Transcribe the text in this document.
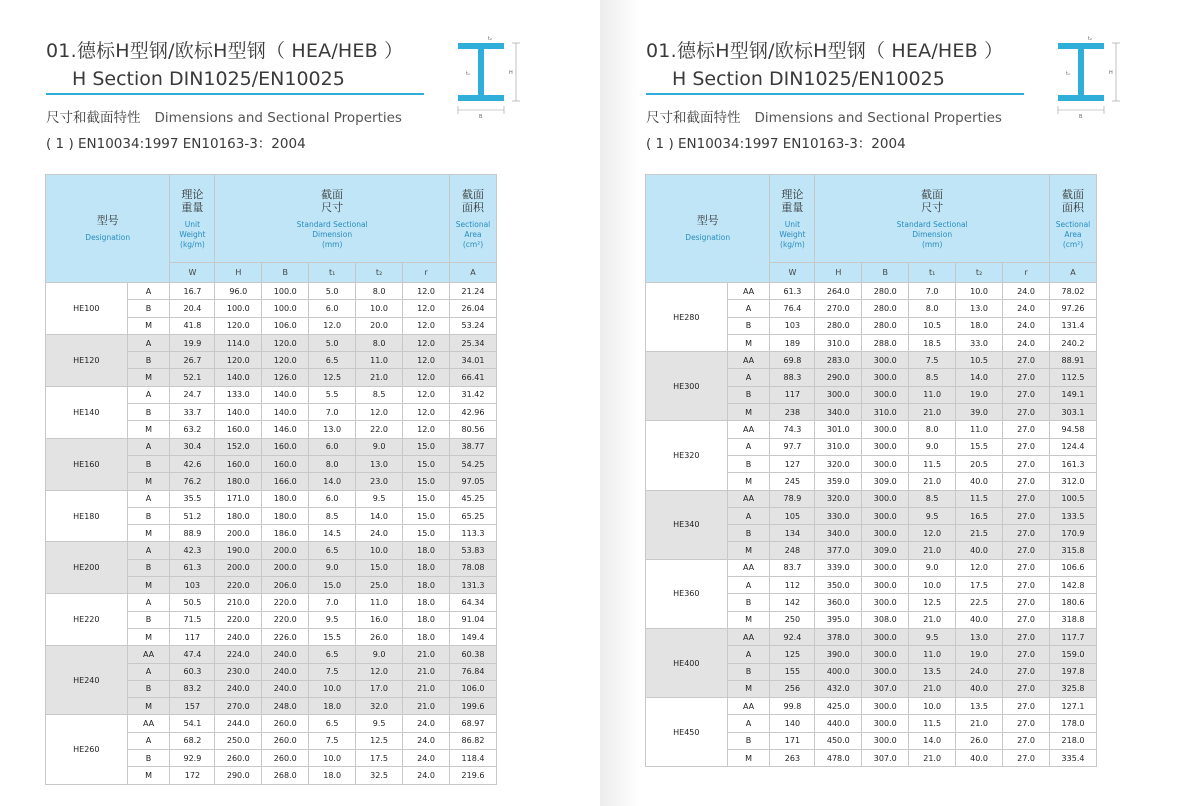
01.德标H型钢/欧标H型钢（ HEA/HEB ）
H Section DIN1025/EN10025
尺寸和截面特性 Dimensions and Sectional Properties
( 1 ) EN10034:1997 EN10163-3：2004
t₂
H
t₁
B
型号
Designation		理论
重量
Unit
Weight
(kg/m)	截面
尺寸
Standard Sectional
Dimension
(mm)					截面
面积
Sectional
Area
(cm²)

		W	H	B	t₁	t₂	r	A
HE100	A	16.7	96.0	100.0	5.0	8.0	12.0	21.24
	B	20.4	100.0	100.0	6.0	10.0	12.0	26.04
	M	41.8	120.0	106.0	12.0	20.0	12.0	53.24
HE120	A	19.9	114.0	120.0	5.0	8.0	12.0	25.34
	B	26.7	120.0	120.0	6.5	11.0	12.0	34.01
	M	52.1	140.0	126.0	12.5	21.0	12.0	66.41
HE140	A	24.7	133.0	140.0	5.5	8.5	12.0	31.42
	B	33.7	140.0	140.0	7.0	12.0	12.0	42.96
	M	63.2	160.0	146.0	13.0	22.0	12.0	80.56
HE160	A	30.4	152.0	160.0	6.0	9.0	15.0	38.77
	B	42.6	160.0	160.0	8.0	13.0	15.0	54.25
	M	76.2	180.0	166.0	14.0	23.0	15.0	97.05
HE180	A	35.5	171.0	180.0	6.0	9.5	15.0	45.25
	B	51.2	180.0	180.0	8.5	14.0	15.0	65.25
	M	88.9	200.0	186.0	14.5	24.0	15.0	113.3
HE200	A	42.3	190.0	200.0	6.5	10.0	18.0	53.83
	B	61.3	200.0	200.0	9.0	15.0	18.0	78.08
	M	103	220.0	206.0	15.0	25.0	18.0	131.3
HE220	A	50.5	210.0	220.0	7.0	11.0	18.0	64.34
	B	71.5	220.0	220.0	9.5	16.0	18.0	91.04
	M	117	240.0	226.0	15.5	26.0	18.0	149.4
HE240	AA	47.4	224.0	240.0	6.5	9.0	21.0	60.38
	A	60.3	230.0	240.0	7.5	12.0	21.0	76.84
	B	83.2	240.0	240.0	10.0	17.0	21.0	106.0
	M	157	270.0	248.0	18.0	32.0	21.0	199.6
HE260	AA	54.1	244.0	260.0	6.5	9.5	24.0	68.97
	A	68.2	250.0	260.0	7.5	12.5	24.0	86.82
	B	92.9	260.0	260.0	10.0	17.5	24.0	118.4
	M	172	290.0	268.0	18.0	32.5	24.0	219.6
01.德标H型钢/欧标H型钢（ HEA/HEB ）
H Section DIN1025/EN10025
尺寸和截面特性 Dimensions and Sectional Properties
( 1 ) EN10034:1997 EN10163-3：2004
t₂
H
t₁
B
型号
Designation		理论
重量
Unit
Weight
(kg/m)	截面
尺寸
Standard Sectional
Dimension
(mm)					截面
面积
Sectional
Area
(cm²)

		W	H	B	t₁	t₂	r	A
HE280	AA	61.3	264.0	280.0	7.0	10.0	24.0	78.02
	A	76.4	270.0	280.0	8.0	13.0	24.0	97.26
	B	103	280.0	280.0	10.5	18.0	24.0	131.4
	M	189	310.0	288.0	18.5	33.0	24.0	240.2
HE300	AA	69.8	283.0	300.0	7.5	10.5	27.0	88.91
	A	88.3	290.0	300.0	8.5	14.0	27.0	112.5
	B	117	300.0	300.0	11.0	19.0	27.0	149.1
	M	238	340.0	310.0	21.0	39.0	27.0	303.1
HE320	AA	74.3	301.0	300.0	8.0	11.0	27.0	94.58
	A	97.7	310.0	300.0	9.0	15.5	27.0	124.4
	B	127	320.0	300.0	11.5	20.5	27.0	161.3
	M	245	359.0	309.0	21.0	40.0	27.0	312.0
HE340	AA	78.9	320.0	300.0	8.5	11.5	27.0	100.5
	A	105	330.0	300.0	9.5	16.5	27.0	133.5
	B	134	340.0	300.0	12.0	21.5	27.0	170.9
	M	248	377.0	309.0	21.0	40.0	27.0	315.8
HE360	AA	83.7	339.0	300.0	9.0	12.0	27.0	106.6
	A	112	350.0	300.0	10.0	17.5	27.0	142.8
	B	142	360.0	300.0	12.5	22.5	27.0	180.6
	M	250	395.0	308.0	21.0	40.0	27.0	318.8
HE400	AA	92.4	378.0	300.0	9.5	13.0	27.0	117.7
	A	125	390.0	300.0	11.0	19.0	27.0	159.0
	B	155	400.0	300.0	13.5	24.0	27.0	197.8
	M	256	432.0	307.0	21.0	40.0	27.0	325.8
HE450	AA	99.8	425.0	300.0	10.0	13.5	27.0	127.1
	A	140	440.0	300.0	11.5	21.0	27.0	178.0
	B	171	450.0	300.0	14.0	26.0	27.0	218.0
	M	263	478.0	307.0	21.0	40.0	27.0	335.4
